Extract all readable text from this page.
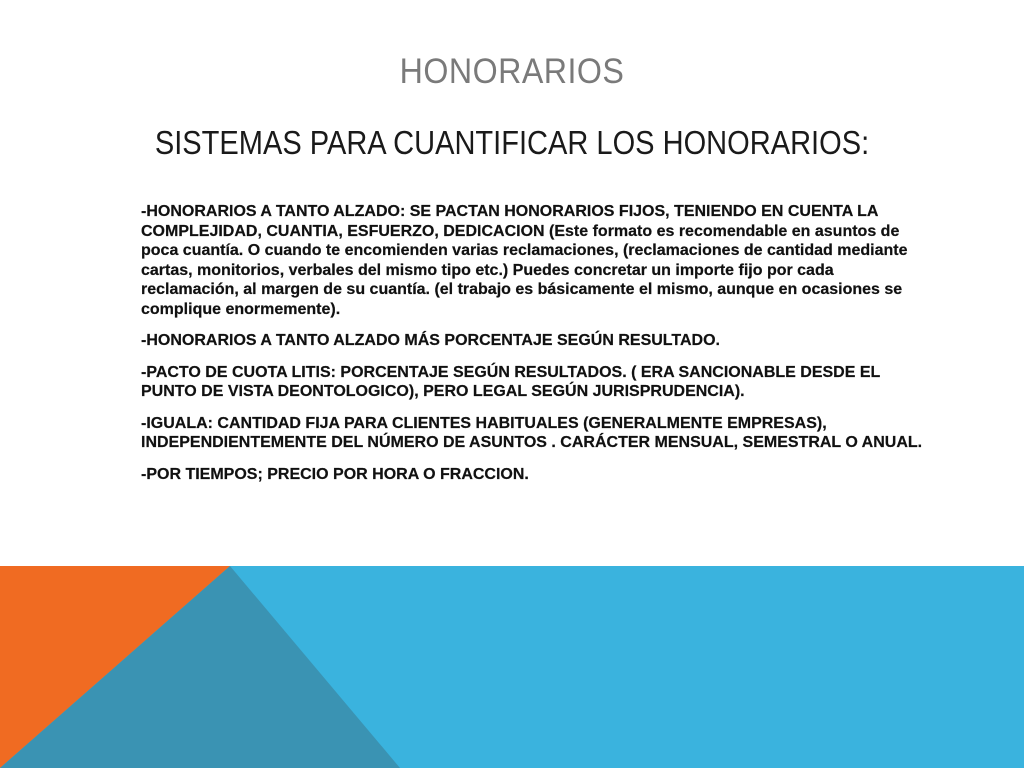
HONORARIOS
SISTEMAS PARA CUANTIFICAR LOS HONORARIOS:

-HONORARIOS A TANTO ALZADO: SE PACTAN HONORARIOS FIJOS, TENIENDO EN CUENTA LA COMPLEJIDAD, CUANTIA, ESFUERZO, DEDICACION (Este formato es recomendable en asuntos de poca cuantía. O cuando te encomienden varias reclamaciones, (reclamaciones de cantidad mediante cartas, monitorios, verbales del mismo tipo etc.) Puedes concretar un importe fijo por cada reclamación, al margen de su cuantía. (el trabajo es básicamente el mismo, aunque en ocasiones se complique enormemente).

-HONORARIOS A TANTO ALZADO MÁS PORCENTAJE SEGÚN RESULTADO.

-PACTO DE CUOTA LITIS: PORCENTAJE SEGÚN RESULTADOS. ( ERA SANCIONABLE DESDE EL PUNTO DE VISTA DEONTOLOGICO), PERO LEGAL SEGÚN JURISPRUDENCIA).

-IGUALA: CANTIDAD FIJA PARA CLIENTES HABITUALES (GENERALMENTE EMPRESAS), INDEPENDIENTEMENTE DEL NÚMERO DE ASUNTOS . CARÁCTER MENSUAL, SEMESTRAL O ANUAL.

-POR TIEMPOS; PRECIO POR HORA O FRACCION.
